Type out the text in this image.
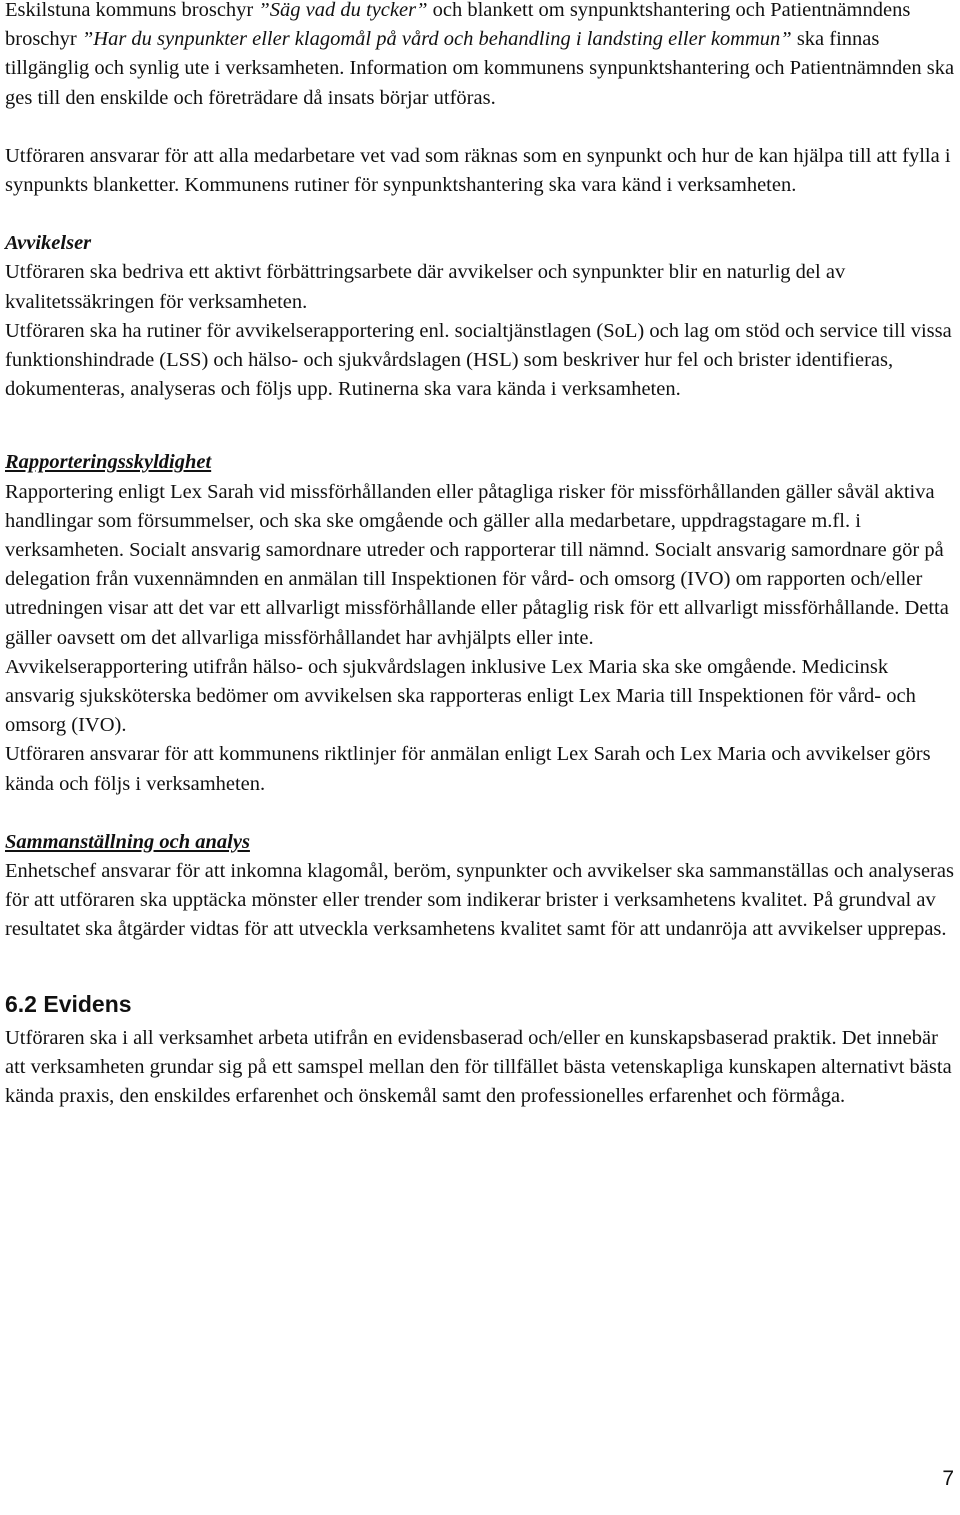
Eskilstuna kommuns broschyr ”Säg vad du tycker” och blankett om synpunktshantering och Patientnämndens broschyr ”Har du synpunkter eller klagomål på vård och behandling i landsting eller kommun” ska finnas tillgänglig och synlig ute i verksamheten. Information om kommunens synpunktshantering och Patientnämnden ska ges till den enskilde och företrädare då insats börjar utföras.

Utföraren ansvarar för att alla medarbetare vet vad som räknas som en synpunkt och hur de kan hjälpa till att fylla i synpunkts blanketter. Kommunens rutiner för synpunktshantering ska vara känd i verksamheten.

Avvikelser

Utföraren ska bedriva ett aktivt förbättringsarbete där avvikelser och synpunkter blir en naturlig del av kvalitetssäkringen för verksamheten.

Utföraren ska ha rutiner för avvikelserapportering enl. socialtjänstlagen (SoL) och lag om stöd och service till vissa funktionshindrade (LSS) och hälso- och sjukvårdslagen (HSL) som beskriver hur fel och brister identifieras, dokumenteras, analyseras och följs upp. Rutinerna ska vara kända i verksamheten.

Rapporteringsskyldighet

Rapportering enligt Lex Sarah vid missförhållanden eller påtagliga risker för missförhållanden gäller såväl aktiva handlingar som försummelser, och ska ske omgående och gäller alla medarbetare, uppdragstagare m.fl. i verksamheten. Socialt ansvarig samordnare utreder och rapporterar till nämnd. Socialt ansvarig samordnare gör på delegation från vuxennämnden en anmälan till Inspektionen för vård- och omsorg (IVO) om rapporten och/eller utredningen visar att det var ett allvarligt missförhållande eller påtaglig risk för ett allvarligt missförhållande. Detta gäller oavsett om det allvarliga missförhållandet har avhjälpts eller inte.

Avvikelserapportering utifrån hälso- och sjukvårdslagen inklusive Lex Maria ska ske omgående. Medicinsk ansvarig sjuksköterska bedömer om avvikelsen ska rapporteras enligt Lex Maria till Inspektionen för vård- och omsorg (IVO).

Utföraren ansvarar för att kommunens riktlinjer för anmälan enligt Lex Sarah och Lex Maria och avvikelser görs kända och följs i verksamheten.

Sammanställning och analys

Enhetschef ansvarar för att inkomna klagomål, beröm, synpunkter och avvikelser ska sammanställas och analyseras för att utföraren ska upptäcka mönster eller trender som indikerar brister i verksamhetens kvalitet. På grundval av resultatet ska åtgärder vidtas för att utveckla verksamhetens kvalitet samt för att undanröja att avvikelser upprepas.

6.2 Evidens

Utföraren ska i all verksamhet arbeta utifrån en evidensbaserad och/eller en kunskapsbaserad praktik. Det innebär att verksamheten grundar sig på ett samspel mellan den för tillfället bästa vetenskapliga kunskapen alternativt bästa kända praxis, den enskildes erfarenhet och önskemål samt den professionelles erfarenhet och förmåga.

7
